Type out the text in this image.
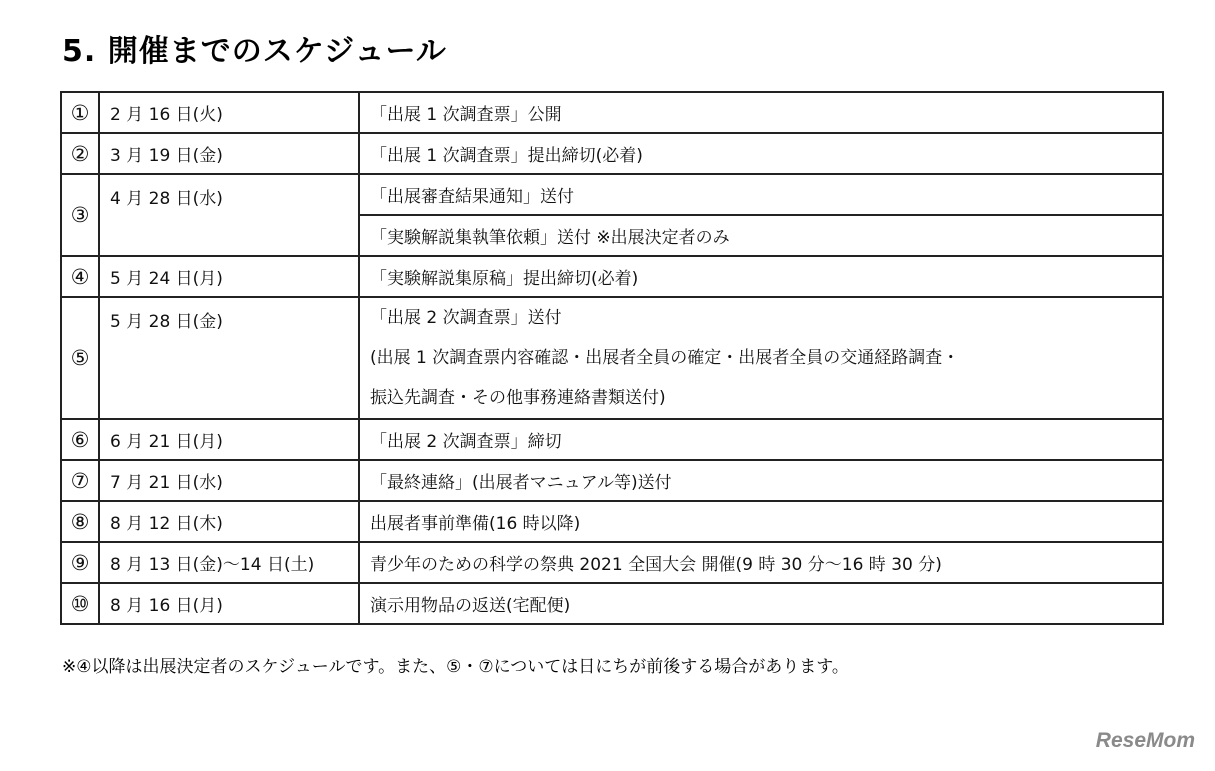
5. 開催までのスケジュール
①	2 月 16 日(火)	「出展 1 次調査票」公開
②	3 月 19 日(金)	「出展 1 次調査票」提出締切(必着)
③	4 月 28 日(水)	「出展審査結果通知」送付
		「実験解説集執筆依頼」送付 ※出展決定者のみ
④	5 月 24 日(月)	「実験解説集原稿」提出締切(必着)
⑤	5 月 28 日(金)	「出展 2 次調査票」送付
(出展 1 次調査票内容確認・出展者全員の確定・出展者全員の交通経路調査・
振込先調査・その他事務連絡書類送付)

⑥	6 月 21 日(月)	「出展 2 次調査票」締切
⑦	7 月 21 日(水)	「最終連絡」(出展者マニュアル等)送付
⑧	8 月 12 日(木)	出展者事前準備(16 時以降)
⑨	8 月 13 日(金)～14 日(土)	青少年のための科学の祭典 2021 全国大会 開催(9 時 30 分～16 時 30 分)
⑩	8 月 16 日(月)	演示用物品の返送(宅配便)
※④以降は出展決定者のスケジュールです。また、⑤・⑦については日にちが前後する場合があります。
ReseMom
